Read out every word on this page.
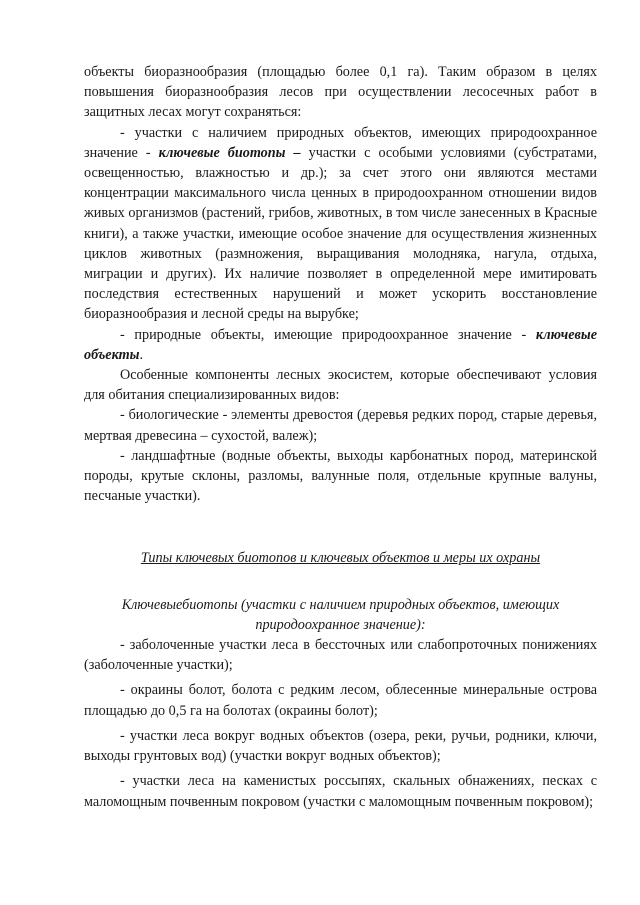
объекты биоразнообразия (площадью более 0,1 га). Таким образом в целях повышения биоразнообразия лесов при осуществлении лесосечных работ в защитных лесах могут сохраняться:

- участки с наличием природных объектов, имеющих природоохранное значение - ключевые биотопы – участки с особыми условиями (субстратами, освещенностью, влажностью и др.); за счет этого они являются местами концентрации максимального числа ценных в природоохранном отношении видов живых организмов (растений, грибов, животных, в том числе занесенных в Красные книги), а также участки, имеющие особое значение для осуществления жизненных циклов животных (размножения, выращивания молодняка, нагула, отдыха, миграции и других). Их наличие позволяет в определенной мере имитировать последствия естественных нарушений и может ускорить восстановление биоразнообразия и лесной среды на вырубке;

- природные объекты, имеющие природоохранное значение - ключевые объекты.

Особенные компоненты лесных экосистем, которые обеспечивают условия для обитания специализированных видов:

- биологические - элементы древостоя (деревья редких пород, старые деревья, мертвая древесина – сухостой, валеж);

- ландшафтные (водные объекты, выходы карбонатных пород, материнской породы, крутые склоны, разломы, валунные поля, отдельные крупные валуны, песчаные участки).

Типы ключевых биотопов и ключевых объектов и меры их охраны

Ключевыебиотопы (участки с наличием природных объектов, имеющих
природоохранное значение):

- заболоченные участки леса в бессточных или слабопроточных понижениях (заболоченные участки);

- окраины болот, болота с редким лесом, облесенные минеральные острова площадью до 0,5 га на болотах (окраины болот);

- участки леса вокруг водных объектов (озера, реки, ручьи, родники, ключи, выходы грунтовых вод) (участки вокруг водных объектов);

- участки леса на каменистых россыпях, скальных обнажениях, песках с маломощным почвенным покровом (участки с маломощным почвенным покровом);
